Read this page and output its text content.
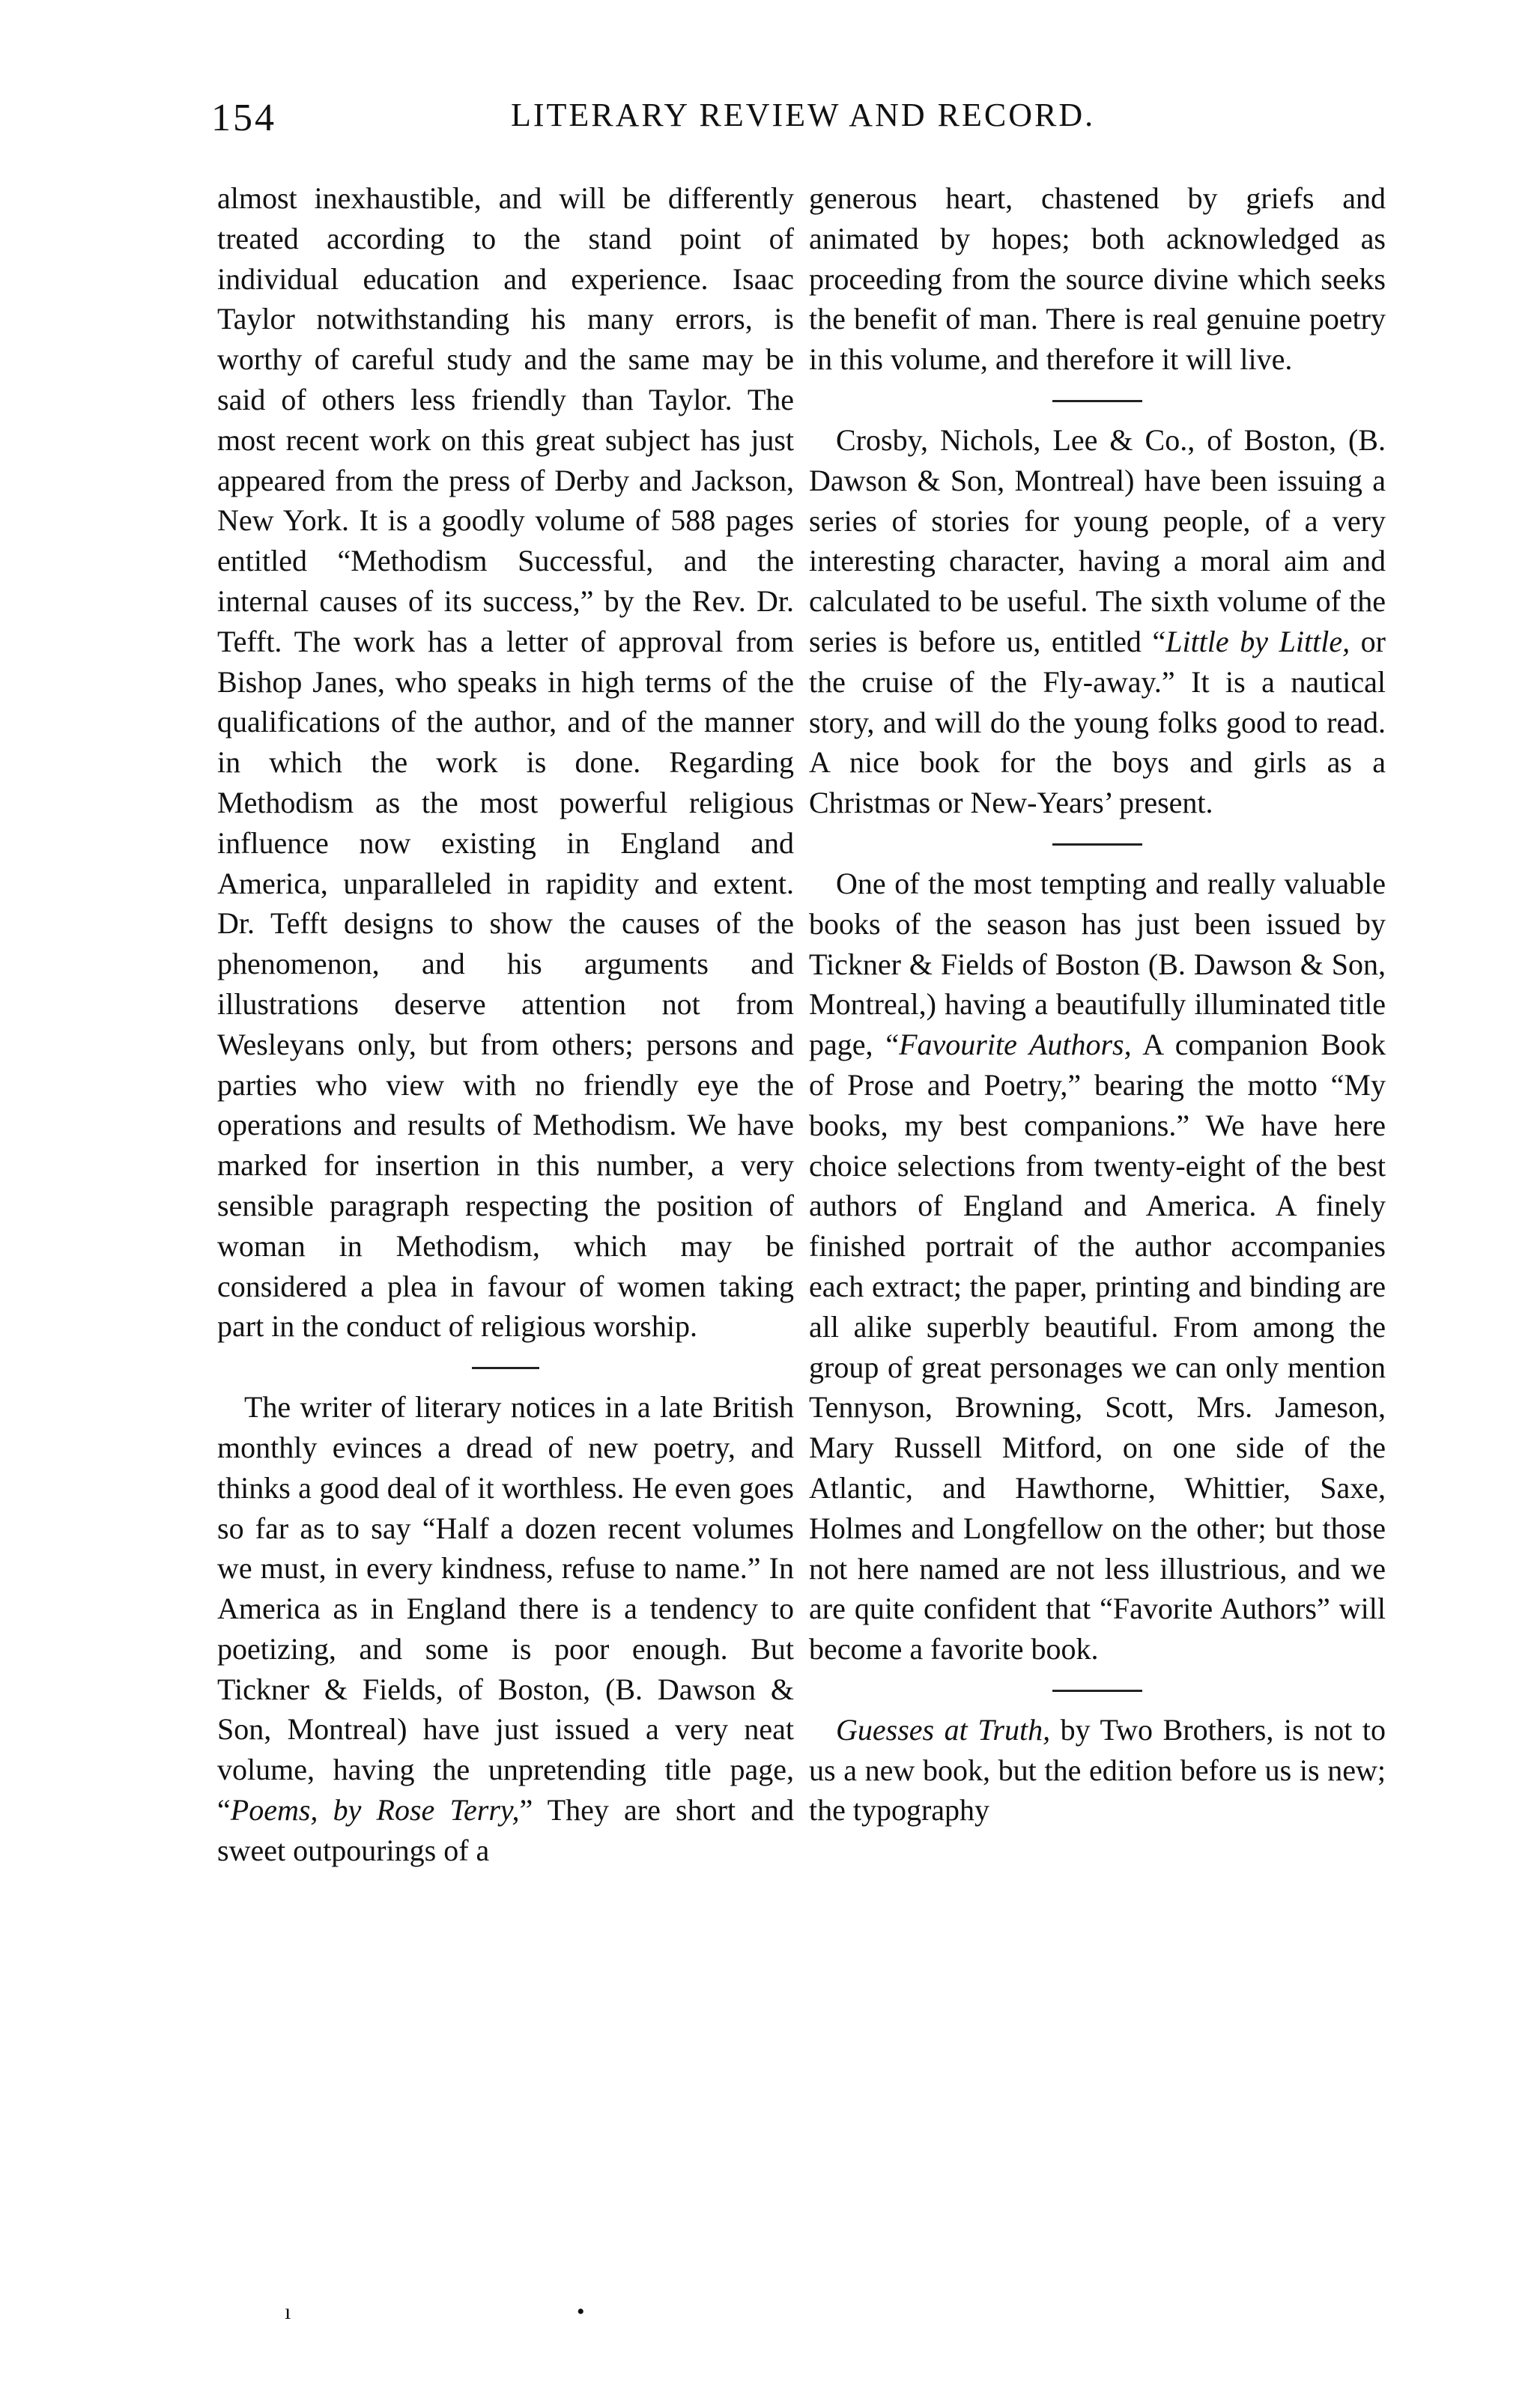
154	LITERARY REVIEW AND RECORD.

almost inexhaustible, and will be differently treated according to the stand point of individual education and experience. Isaac Taylor notwithstanding his many errors, is worthy of careful study and the same may be said of others less friendly than Taylor. The most recent work on this great subject has just appeared from the press of Derby and Jackson, New York. It is a goodly volume of 588 pages entitled “Methodism Successful, and the internal causes of its success,” by the Rev. Dr. Tefft. The work has a letter of approval from Bishop Janes, who speaks in high terms of the qualifications of the author, and of the manner in which the work is done. Regarding Methodism as the most powerful religious influence now existing in England and America, unparalleled in rapidity and extent. Dr. Tefft designs to show the causes of the phenomenon, and his arguments and illustrations deserve attention not from Wesleyans only, but from others; persons and parties who view with no friendly eye the operations and results of Methodism. We have marked for insertion in this number, a very sensible paragraph respecting the position of woman in Methodism, which may be considered a plea in favour of women taking part in the conduct of religious worship.

The writer of literary notices in a late British monthly evinces a dread of new poetry, and thinks a good deal of it worthless. He even goes so far as to say “Half a dozen recent volumes we must, in every kindness, refuse to name.” In America as in England there is a tendency to poetizing, and some is poor enough. But Tickner & Fields, of Boston, (B. Dawson & Son, Montreal) have just issued a very neat volume, having the unpretending title page, “Poems, by Rose Terry,” They are short and sweet outpourings of a

generous heart, chastened by griefs and animated by hopes; both acknowledged as proceeding from the source divine which seeks the benefit of man. There is real genuine poetry in this volume, and therefore it will live.

Crosby, Nichols, Lee & Co., of Boston, (B. Dawson & Son, Montreal) have been issuing a series of stories for young people, of a very interesting character, having a moral aim and calculated to be useful. The sixth volume of the series is before us, entitled “Little by Little, or the cruise of the Fly-away.” It is a nautical story, and will do the young folks good to read. A nice book for the boys and girls as a Christmas or New-Years’ present.

One of the most tempting and really valuable books of the season has just been issued by Tickner & Fields of Boston (B. Dawson & Son, Montreal,) having a beautifully illuminated title page, “Favourite Authors, A companion Book of Prose and Poetry,” bearing the motto “My books, my best companions.” We have here choice selections from twenty-eight of the best authors of England and America. A finely finished portrait of the author accompanies each extract; the paper, printing and binding are all alike superbly beautiful. From among the group of great personages we can only mention Tennyson, Browning, Scott, Mrs. Jameson, Mary Russell Mitford, on one side of the Atlantic, and Hawthorne, Whittier, Saxe, Holmes and Longfellow on the other; but those not here named are not less illustrious, and we are quite confident that “Favorite Authors” will become a favorite book.

Guesses at Truth, by Two Brothers, is not to us a new book, but the edition before us is new; the typography

ı	•
